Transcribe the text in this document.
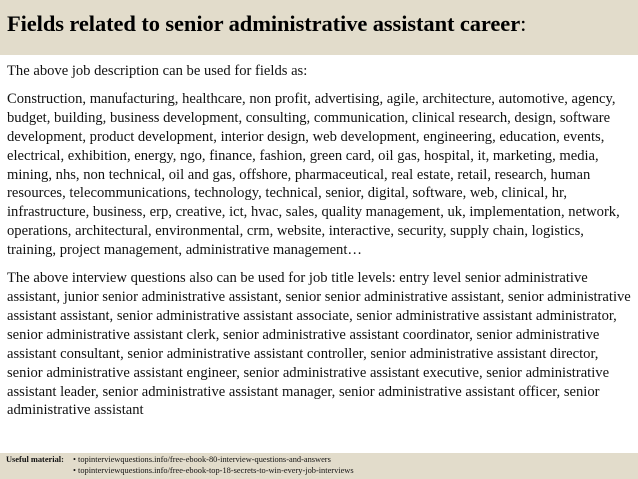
Fields related to senior administrative assistant career:

The above job description can be used for fields as:

Construction, manufacturing, healthcare, non profit, advertising, agile, architecture, automotive, agency, budget, building, business development, consulting, communication, clinical research, design, software development, product development, interior design, web development, engineering, education, events, electrical, exhibition, energy, ngo, finance, fashion, green card, oil gas, hospital, it, marketing, media, mining, nhs, non technical, oil and gas, offshore, pharmaceutical, real estate, retail, research, human resources, telecommunications, technology, technical, senior, digital, software, web, clinical, hr, infrastructure, business, erp, creative, ict, hvac, sales, quality management, uk, implementation, network, operations, architectural, environmental, crm, website, interactive, security, supply chain, logistics, training, project management, administrative management…

The above interview questions also can be used for job title levels: entry level senior administrative assistant, junior senior administrative assistant, senior senior administrative assistant, senior administrative assistant assistant, senior administrative assistant associate, senior administrative assistant administrator, senior administrative assistant clerk, senior administrative assistant coordinator, senior administrative assistant consultant, senior administrative assistant controller, senior administrative assistant director, senior administrative assistant engineer, senior administrative assistant executive, senior administrative assistant leader, senior administrative assistant manager, senior administrative assistant officer, senior administrative assistant

Useful material:
•	topinterviewquestions.info/free-ebook-80-interview-questions-and-answers
• topinterviewquestions.info/free-ebook-top-18-secrets-to-win-every-job-interviews
